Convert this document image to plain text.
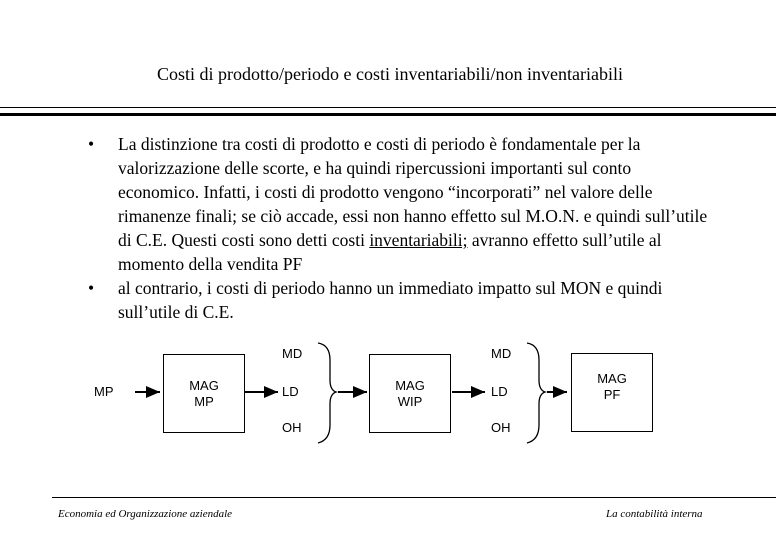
Costi di prodotto/periodo e costi inventariabili/non inventariabili
• La distinzione tra costi di prodotto e costi di periodo è fondamentale per la valorizzazione delle scorte, e ha quindi ripercussioni importanti sul conto economico. Infatti, i costi di prodotto vengono “incorporati” nel valore delle rimanenze finali; se ciò accade, essi non hanno effetto sul M.O.N. e quindi sull’utile di C.E. Questi costi sono detti costi inventariabili; avranno effetto sull’utile al momento della vendita PF
• al contrario, i costi di periodo hanno un immediato impatto sul MON e quindi sull’utile di C.E.
MP	MAG
MP
MD
LD
OH
MAG
WIP
MD
LD
OH
MAG
PF
Economia ed Organizzazione aziendale	La contabilità interna
